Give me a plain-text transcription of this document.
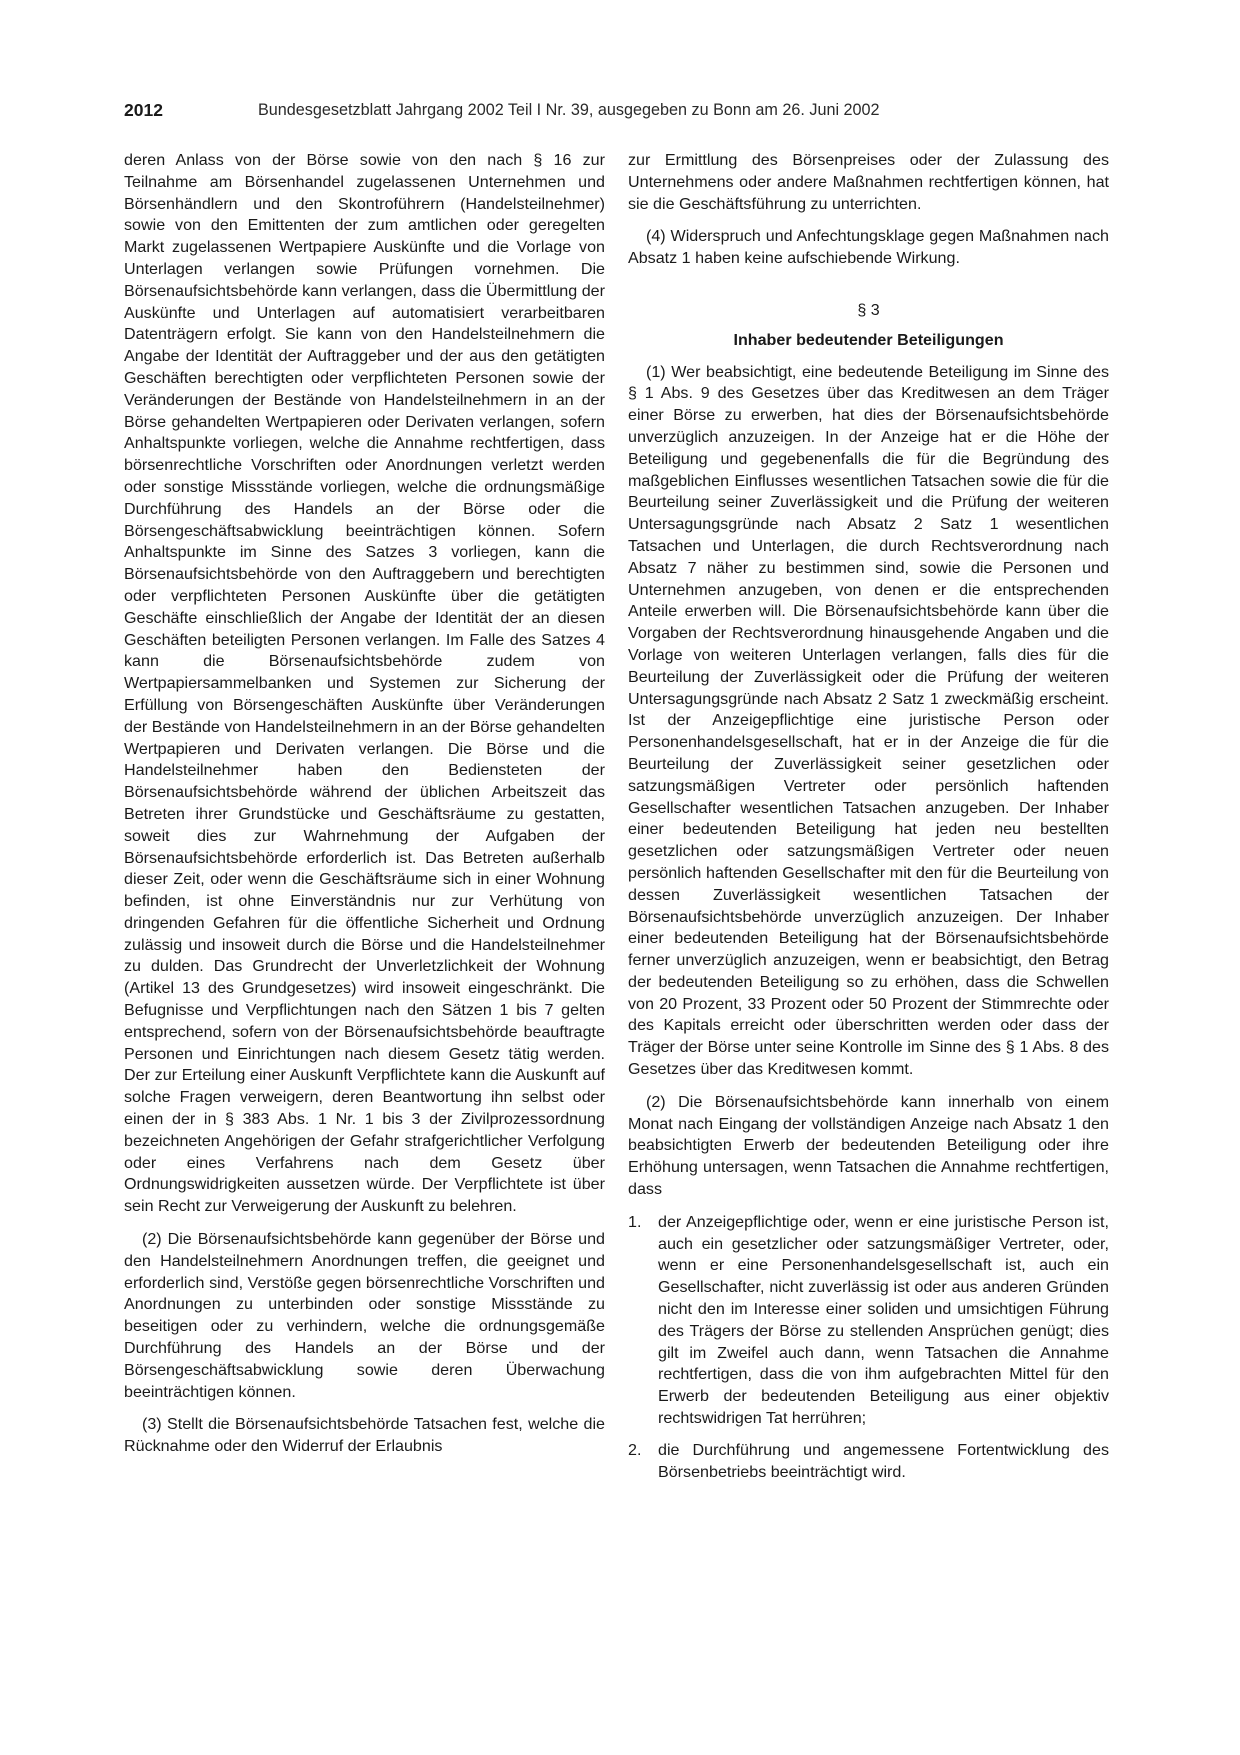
2012	Bundesgesetzblatt Jahrgang 2002 Teil I Nr. 39, ausgegeben zu Bonn am 26. Juni 2002

deren Anlass von der Börse sowie von den nach § 16 zur Teilnahme am Börsenhandel zugelassenen Unternehmen und Börsenhändlern und den Skontroführern (Handelsteilnehmer) sowie von den Emittenten der zum amtlichen oder geregelten Markt zugelassenen Wertpapiere Auskünfte und die Vorlage von Unterlagen verlangen sowie Prüfungen vornehmen. Die Börsenaufsichtsbehörde kann verlangen, dass die Übermittlung der Auskünfte und Unterlagen auf automatisiert verarbeitbaren Datenträgern erfolgt. Sie kann von den Handelsteilnehmern die Angabe der Identität der Auftraggeber und der aus den getätigten Geschäften berechtigten oder verpflichteten Personen sowie der Veränderungen der Bestände von Handelsteilnehmern in an der Börse gehandelten Wertpapieren oder Derivaten verlangen, sofern Anhaltspunkte vorliegen, welche die Annahme rechtfertigen, dass börsenrechtliche Vorschriften oder Anordnungen verletzt werden oder sonstige Missstände vorliegen, welche die ordnungsmäßige Durchführung des Handels an der Börse oder die Börsengeschäftsabwicklung beeinträchtigen können. Sofern Anhaltspunkte im Sinne des Satzes 3 vorliegen, kann die Börsenaufsichtsbehörde von den Auftraggebern und berechtigten oder verpflichteten Personen Auskünfte über die getätigten Geschäfte einschließlich der Angabe der Identität der an diesen Geschäften beteiligten Personen verlangen. Im Falle des Satzes 4 kann die Börsenaufsichtsbehörde zudem von Wertpapiersammelbanken und Systemen zur Sicherung der Erfüllung von Börsengeschäften Auskünfte über Veränderungen der Bestände von Handelsteilnehmern in an der Börse gehandelten Wertpapieren und Derivaten verlangen. Die Börse und die Handelsteilnehmer haben den Bediensteten der Börsenaufsichtsbehörde während der üblichen Arbeitszeit das Betreten ihrer Grundstücke und Geschäftsräume zu gestatten, soweit dies zur Wahrnehmung der Aufgaben der Börsenaufsichtsbehörde erforderlich ist. Das Betreten außerhalb dieser Zeit, oder wenn die Geschäftsräume sich in einer Wohnung befinden, ist ohne Einverständnis nur zur Verhütung von dringenden Gefahren für die öffentliche Sicherheit und Ordnung zulässig und insoweit durch die Börse und die Handelsteilnehmer zu dulden. Das Grundrecht der Unverletzlichkeit der Wohnung (Artikel 13 des Grundgesetzes) wird insoweit eingeschränkt. Die Befugnisse und Verpflichtungen nach den Sätzen 1 bis 7 gelten entsprechend, sofern von der Börsenaufsichtsbehörde beauftragte Personen und Einrichtungen nach diesem Gesetz tätig werden. Der zur Erteilung einer Auskunft Verpflichtete kann die Auskunft auf solche Fragen verweigern, deren Beantwortung ihn selbst oder einen der in § 383 Abs. 1 Nr. 1 bis 3 der Zivilprozessordnung bezeichneten Angehörigen der Gefahr strafgerichtlicher Verfolgung oder eines Verfahrens nach dem Gesetz über Ordnungswidrigkeiten aussetzen würde. Der Verpflichtete ist über sein Recht zur Verweigerung der Auskunft zu belehren.

(2) Die Börsenaufsichtsbehörde kann gegenüber der Börse und den Handelsteilnehmern Anordnungen treffen, die geeignet und erforderlich sind, Verstöße gegen börsenrechtliche Vorschriften und Anordnungen zu unterbinden oder sonstige Missstände zu beseitigen oder zu verhindern, welche die ordnungsgemäße Durchführung des Handels an der Börse und der Börsengeschäftsabwicklung sowie deren Überwachung beeinträchtigen können.

(3) Stellt die Börsenaufsichtsbehörde Tatsachen fest, welche die Rücknahme oder den Widerruf der Erlaubnis

zur Ermittlung des Börsenpreises oder der Zulassung des Unternehmens oder andere Maßnahmen rechtfertigen können, hat sie die Geschäftsführung zu unterrichten.

(4) Widerspruch und Anfechtungsklage gegen Maßnahmen nach Absatz 1 haben keine aufschiebende Wirkung.

§ 3
Inhaber bedeutender Beteiligungen

(1) Wer beabsichtigt, eine bedeutende Beteiligung im Sinne des § 1 Abs. 9 des Gesetzes über das Kreditwesen an dem Träger einer Börse zu erwerben, hat dies der Börsenaufsichtsbehörde unverzüglich anzuzeigen. In der Anzeige hat er die Höhe der Beteiligung und gegebenenfalls die für die Begründung des maßgeblichen Einflusses wesentlichen Tatsachen sowie die für die Beurteilung seiner Zuverlässigkeit und die Prüfung der weiteren Untersagungsgründe nach Absatz 2 Satz 1 wesentlichen Tatsachen und Unterlagen, die durch Rechtsverordnung nach Absatz 7 näher zu bestimmen sind, sowie die Personen und Unternehmen anzugeben, von denen er die entsprechenden Anteile erwerben will. Die Börsenaufsichtsbehörde kann über die Vorgaben der Rechtsverordnung hinausgehende Angaben und die Vorlage von weiteren Unterlagen verlangen, falls dies für die Beurteilung der Zuverlässigkeit oder die Prüfung der weiteren Untersagungsgründe nach Absatz 2 Satz 1 zweckmäßig erscheint. Ist der Anzeigepflichtige eine juristische Person oder Personenhandelsgesellschaft, hat er in der Anzeige die für die Beurteilung der Zuverlässigkeit seiner gesetzlichen oder satzungsmäßigen Vertreter oder persönlich haftenden Gesellschafter wesentlichen Tatsachen anzugeben. Der Inhaber einer bedeutenden Beteiligung hat jeden neu bestellten gesetzlichen oder satzungsmäßigen Vertreter oder neuen persönlich haftenden Gesellschafter mit den für die Beurteilung von dessen Zuverlässigkeit wesentlichen Tatsachen der Börsenaufsichtsbehörde unverzüglich anzuzeigen. Der Inhaber einer bedeutenden Beteiligung hat der Börsenaufsichtsbehörde ferner unverzüglich anzuzeigen, wenn er beabsichtigt, den Betrag der bedeutenden Beteiligung so zu erhöhen, dass die Schwellen von 20 Prozent, 33 Prozent oder 50 Prozent der Stimmrechte oder des Kapitals erreicht oder überschritten werden oder dass der Träger der Börse unter seine Kontrolle im Sinne des § 1 Abs. 8 des Gesetzes über das Kreditwesen kommt.

(2) Die Börsenaufsichtsbehörde kann innerhalb von einem Monat nach Eingang der vollständigen Anzeige nach Absatz 1 den beabsichtigten Erwerb der bedeutenden Beteiligung oder ihre Erhöhung untersagen, wenn Tatsachen die Annahme rechtfertigen, dass

1. der Anzeigepflichtige oder, wenn er eine juristische Person ist, auch ein gesetzlicher oder satzungsmäßiger Vertreter, oder, wenn er eine Personenhandelsgesellschaft ist, auch ein Gesellschafter, nicht zuverlässig ist oder aus anderen Gründen nicht den im Interesse einer soliden und umsichtigen Führung des Trägers der Börse zu stellenden Ansprüchen genügt; dies gilt im Zweifel auch dann, wenn Tatsachen die Annahme rechtfertigen, dass die von ihm aufgebrachten Mittel für den Erwerb der bedeutenden Beteiligung aus einer objektiv rechtswidrigen Tat herrühren;
2. die Durchführung und angemessene Fortentwicklung des Börsenbetriebs beeinträchtigt wird.
